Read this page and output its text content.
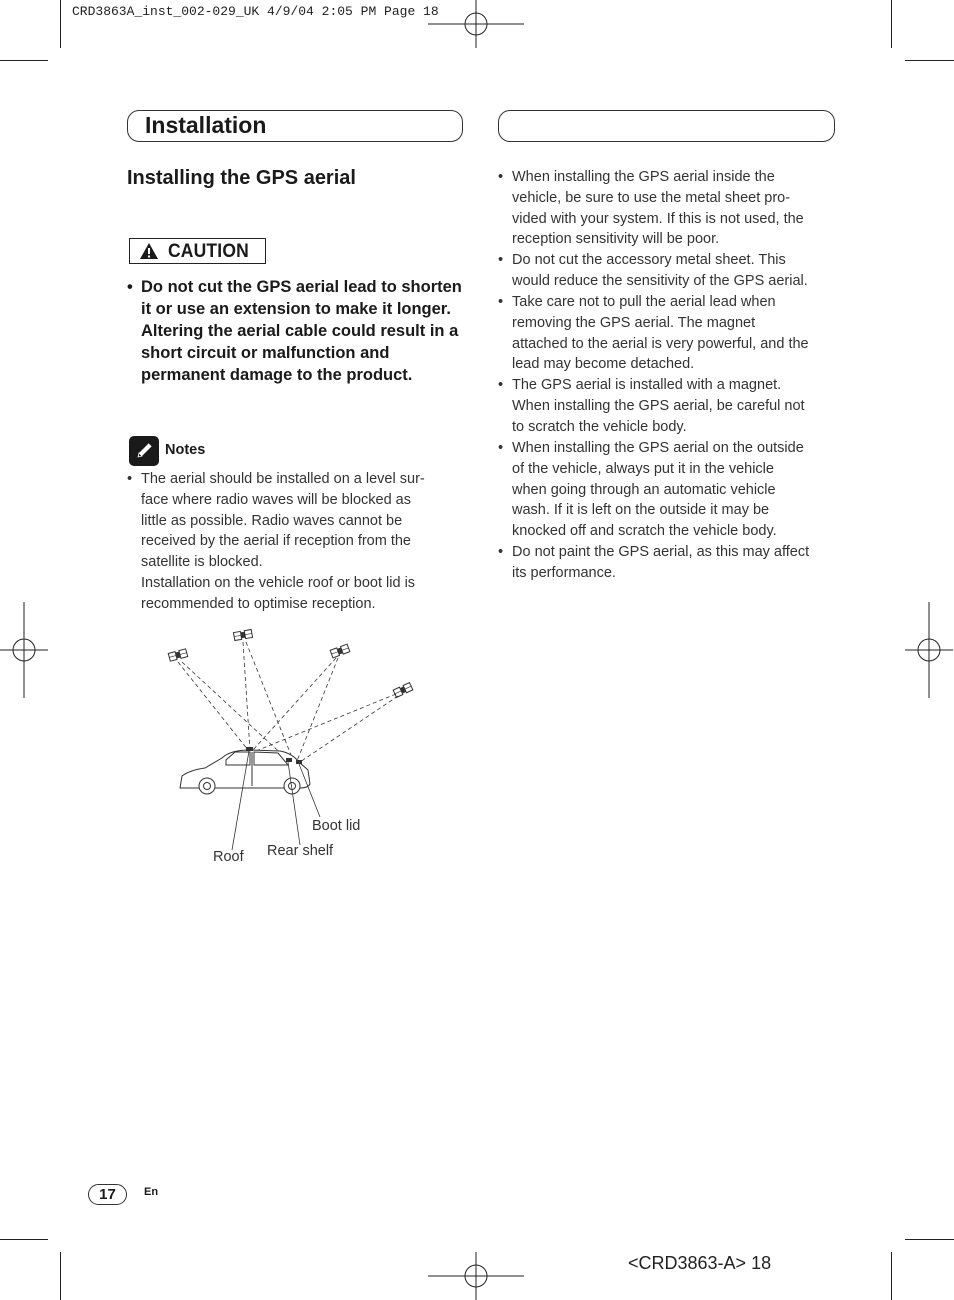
CRD3863A_inst_002-029_UK 4/9/04 2:05 PM Page 18
Installation
Installing the GPS aerial
CAUTION
• Do not cut the GPS aerial lead to shorten it or use an extension to make it longer. Altering the aerial cable could result in a short circuit or malfunction and permanent damage to the product.
Notes
• The aerial should be installed on a level sur-
face where radio waves will be blocked as
little as possible. Radio waves cannot be
received by the aerial if reception from the
satellite is blocked.
Installation on the vehicle roof or boot lid is
recommended to optimise reception.
Boot lid
Rear shelf
Roof
• When installing the GPS aerial inside the
vehicle, be sure to use the metal sheet pro-
vided with your system. If this is not used, the
reception sensitivity will be poor.
• Do not cut the accessory metal sheet. This
would reduce the sensitivity of the GPS aerial.
• Take care not to pull the aerial lead when
removing the GPS aerial. The magnet
attached to the aerial is very powerful, and the
lead may become detached.
• The GPS aerial is installed with a magnet.
When installing the GPS aerial, be careful not
to scratch the vehicle body.
• When installing the GPS aerial on the outside
of the vehicle, always put it in the vehicle
when going through an automatic vehicle
wash. If it is left on the outside it may be
knocked off and scratch the vehicle body.
• Do not paint the GPS aerial, as this may affect
its performance.
17	En
<CRD3863-A> 18
